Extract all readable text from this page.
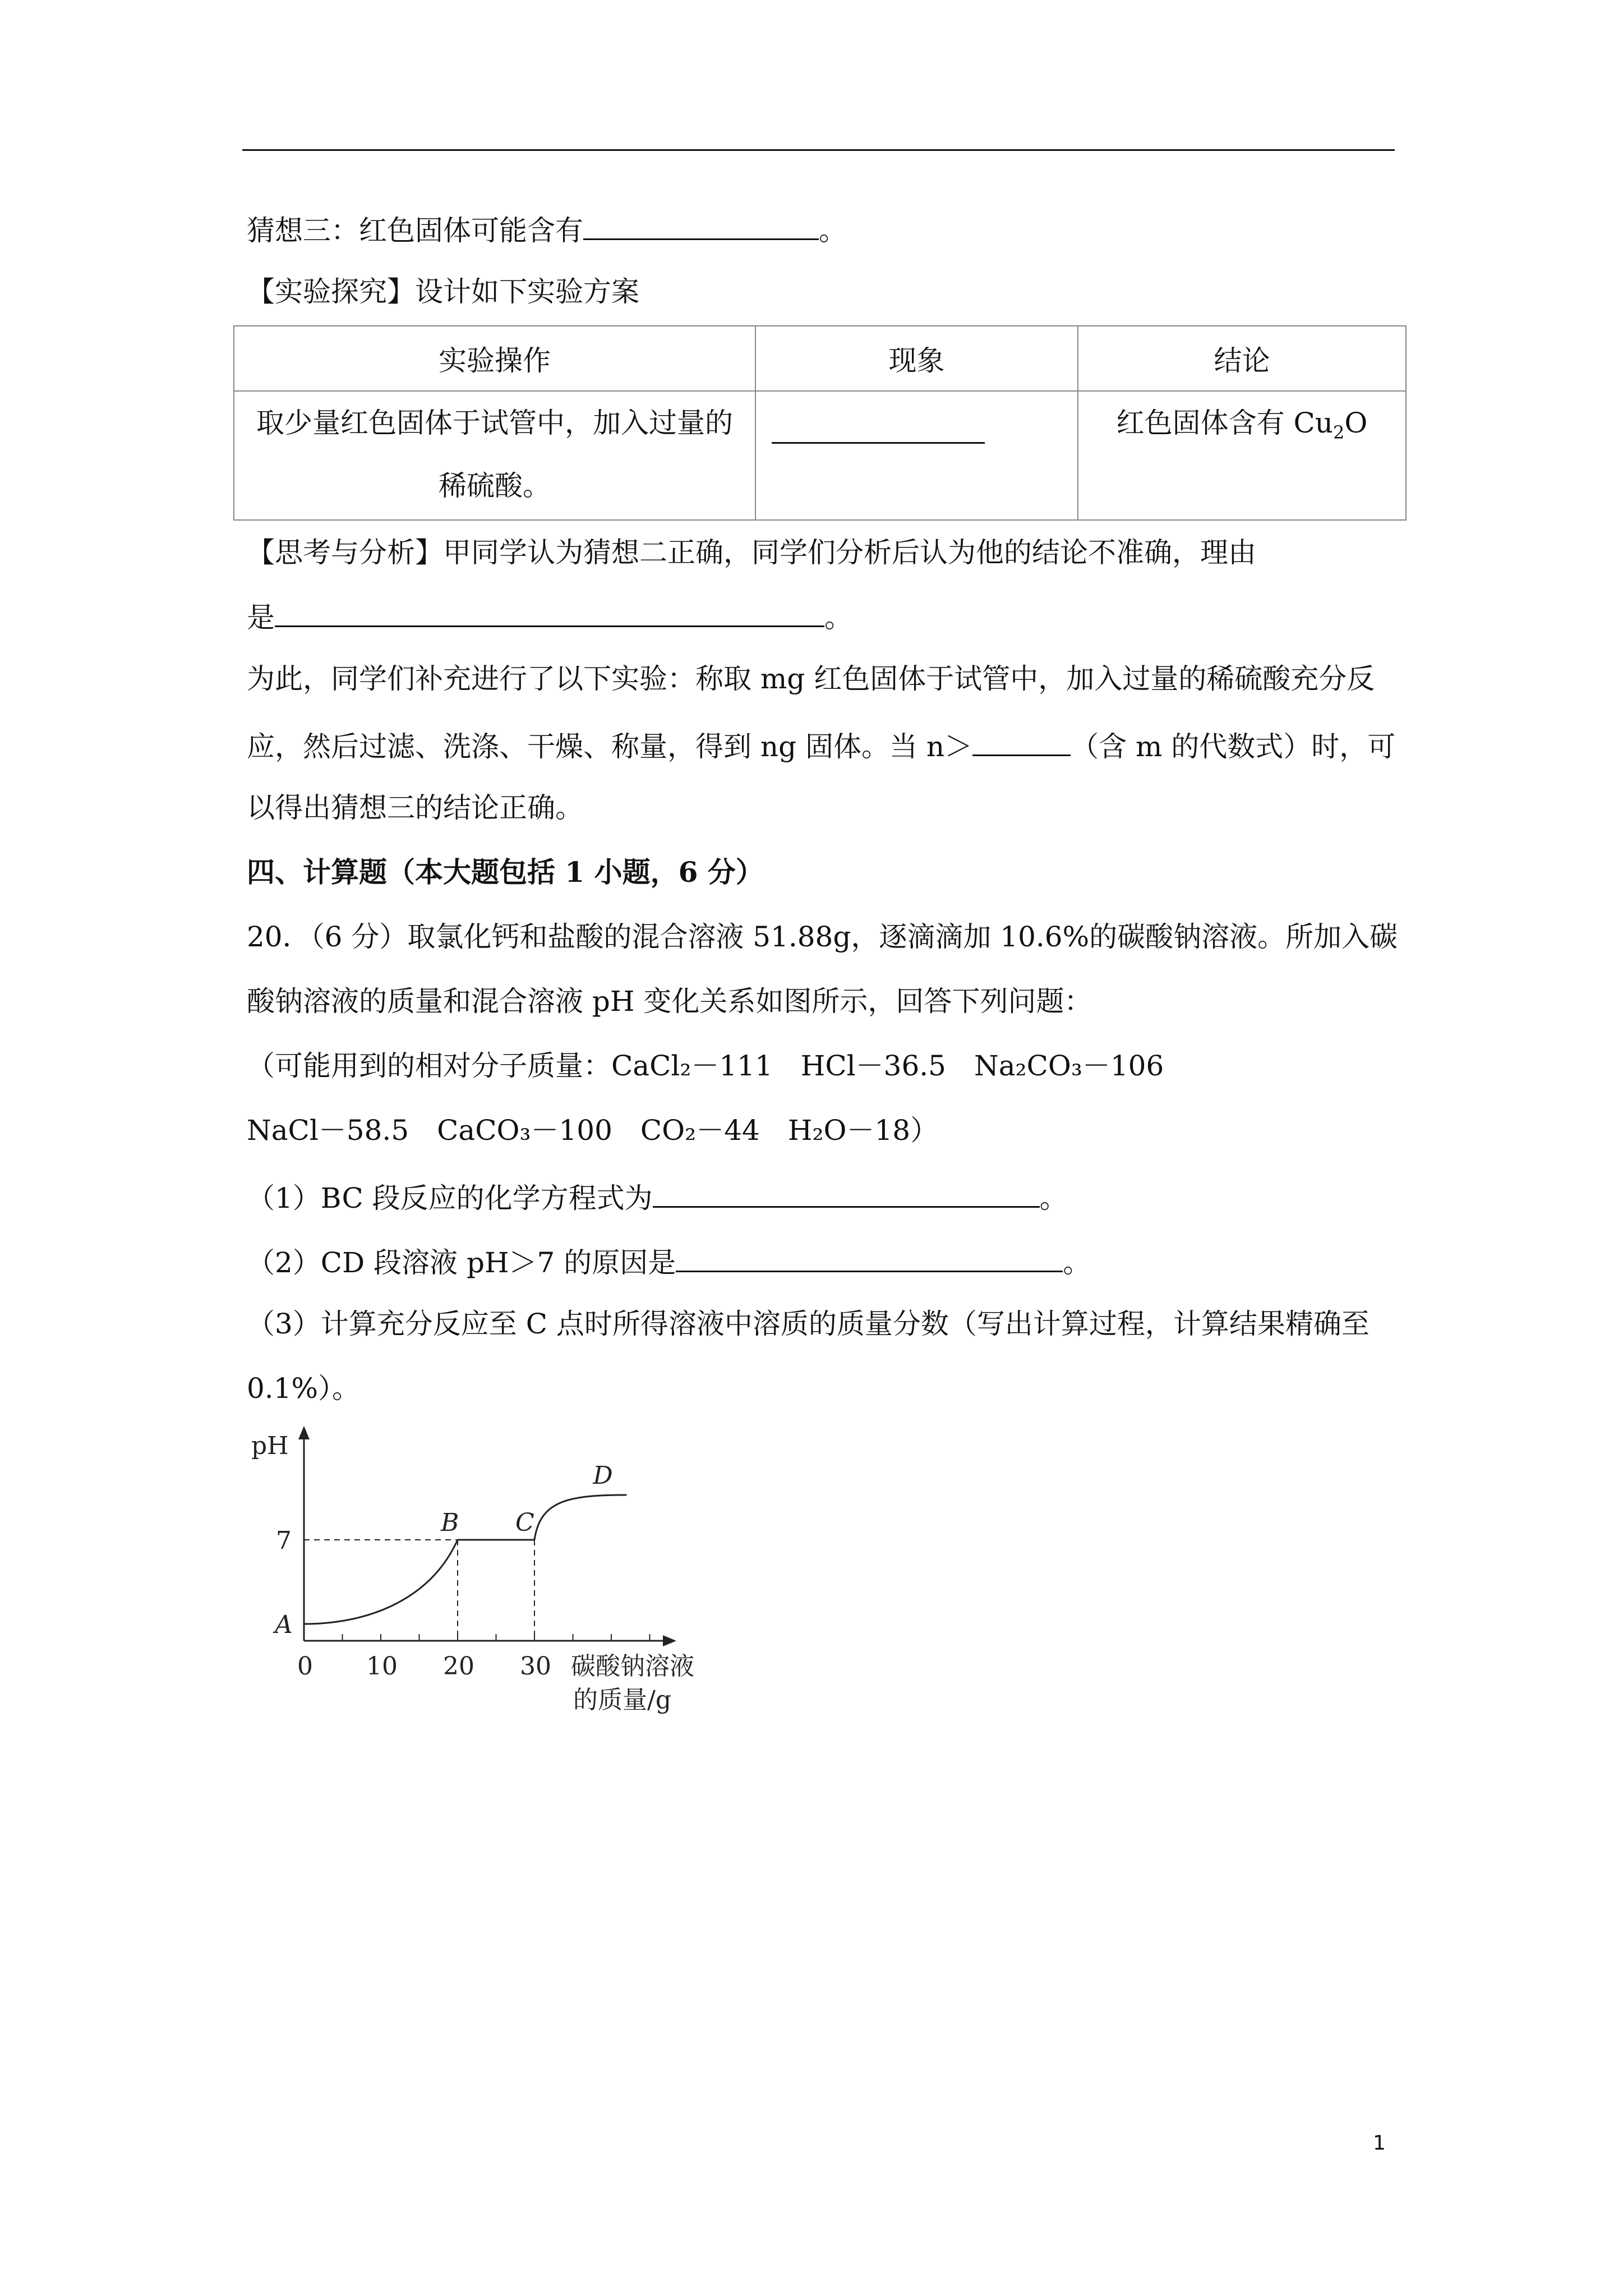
猜想三：红色固体可能含有	。
【实验探究】设计如下实验方案
实验操作	现象	结论

取少量红色固体于试管中，加入过量的
稀硫酸。		红色固体含有 $Cu_2O$
【思考与分析】甲同学认为猜想二正确，同学们分析后认为他的结论不准确，理由
是	。
为此，同学们补充进行了以下实验：称取 mg 红色固体于试管中，加入过量的稀硫酸充分反
应，然后过滤、洗涤、干燥、称量，得到 ng 固体。当 n＞	（含 m 的代数式）时，可
以得出猜想三的结论正确。
四、计算题（本大题包括 1 小题，6 分）
20．（6 分）取氯化钙和盐酸的混合溶液 51.88g，逐滴滴加 10.6%的碳酸钠溶液。所加入碳
酸钠溶液的质量和混合溶液 pH 变化关系如图所示，回答下列问题：
（可能用到的相对分子质量：CaCl₂－111　HCl－36.5　Na₂CO₃－106
NaCl－58.5　CaCO₃－100　CO₂－44　H₂O－18）
（1）BC 段反应的化学方程式为	。
（2）CD 段溶液 pH＞7 的原因是	。
（3）计算充分反应至 C 点时所得溶液中溶质的质量分数（写出计算过程，计算结果精确至
0.1%）。
0 10 20 30
pH
7
A
B C
D
碳酸钠溶液
的质量/g
1
